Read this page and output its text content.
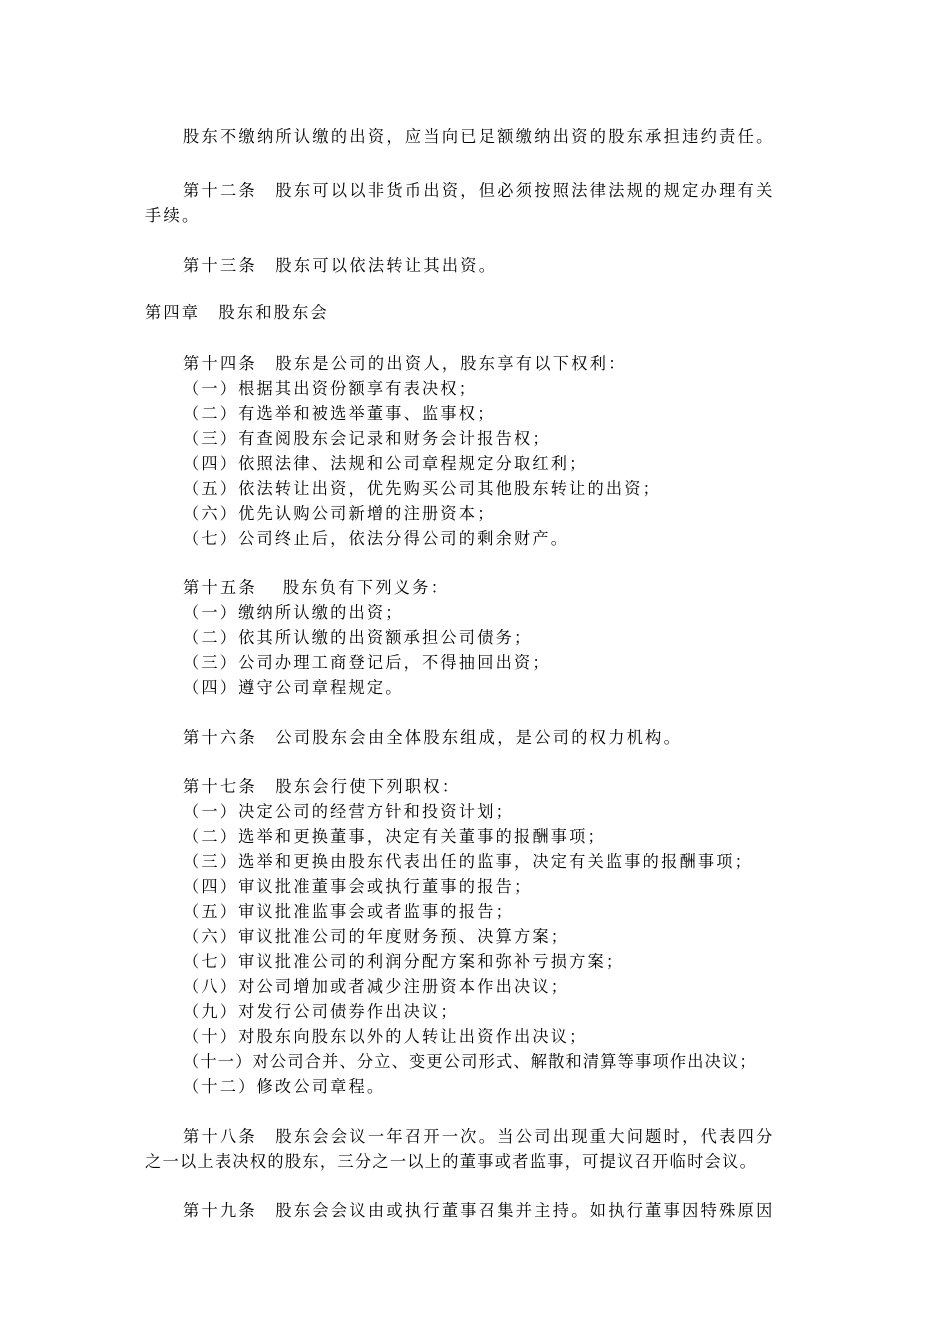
股东不缴纳所认缴的出资，应当向已足额缴纳出资的股东承担违约责任。
第十二条　股东可以以非货币出资，但必须按照法律法规的规定办理有关
手续。
第十三条　股东可以依法转让其出资。
第四章　股东和股东会
第十四条　股东是公司的出资人，股东享有以下权利：
（一）根据其出资份额享有表决权；
（二）有选举和被选举董事、监事权；
（三）有查阅股东会记录和财务会计报告权；
（四）依照法律、法规和公司章程规定分取红利；
（五）依法转让出资，优先购买公司其他股东转让的出资；
（六）优先认购公司新增的注册资本；
（七）公司终止后，依法分得公司的剩余财产。
第十五条　 股东负有下列义务：
（一）缴纳所认缴的出资；
（二）依其所认缴的出资额承担公司债务；
（三）公司办理工商登记后，不得抽回出资；
（四）遵守公司章程规定。
第十六条　公司股东会由全体股东组成，是公司的权力机构。
第十七条　股东会行使下列职权：
（一）决定公司的经营方针和投资计划；
（二）选举和更换董事，决定有关董事的报酬事项；
（三）选举和更换由股东代表出任的监事，决定有关监事的报酬事项；
（四）审议批准董事会或执行董事的报告；
（五）审议批准监事会或者监事的报告；
（六）审议批准公司的年度财务预、决算方案；
（七）审议批准公司的利润分配方案和弥补亏损方案；
（八）对公司增加或者减少注册资本作出决议；
（九）对发行公司债券作出决议；
（十）对股东向股东以外的人转让出资作出决议；
（十一）对公司合并、分立、变更公司形式、解散和清算等事项作出决议；
（十二）修改公司章程。
第十八条　股东会会议一年召开一次。当公司出现重大问题时，代表四分
之一以上表决权的股东，三分之一以上的董事或者监事，可提议召开临时会议。
第十九条　股东会会议由或执行董事召集并主持。如执行董事因特殊原因
